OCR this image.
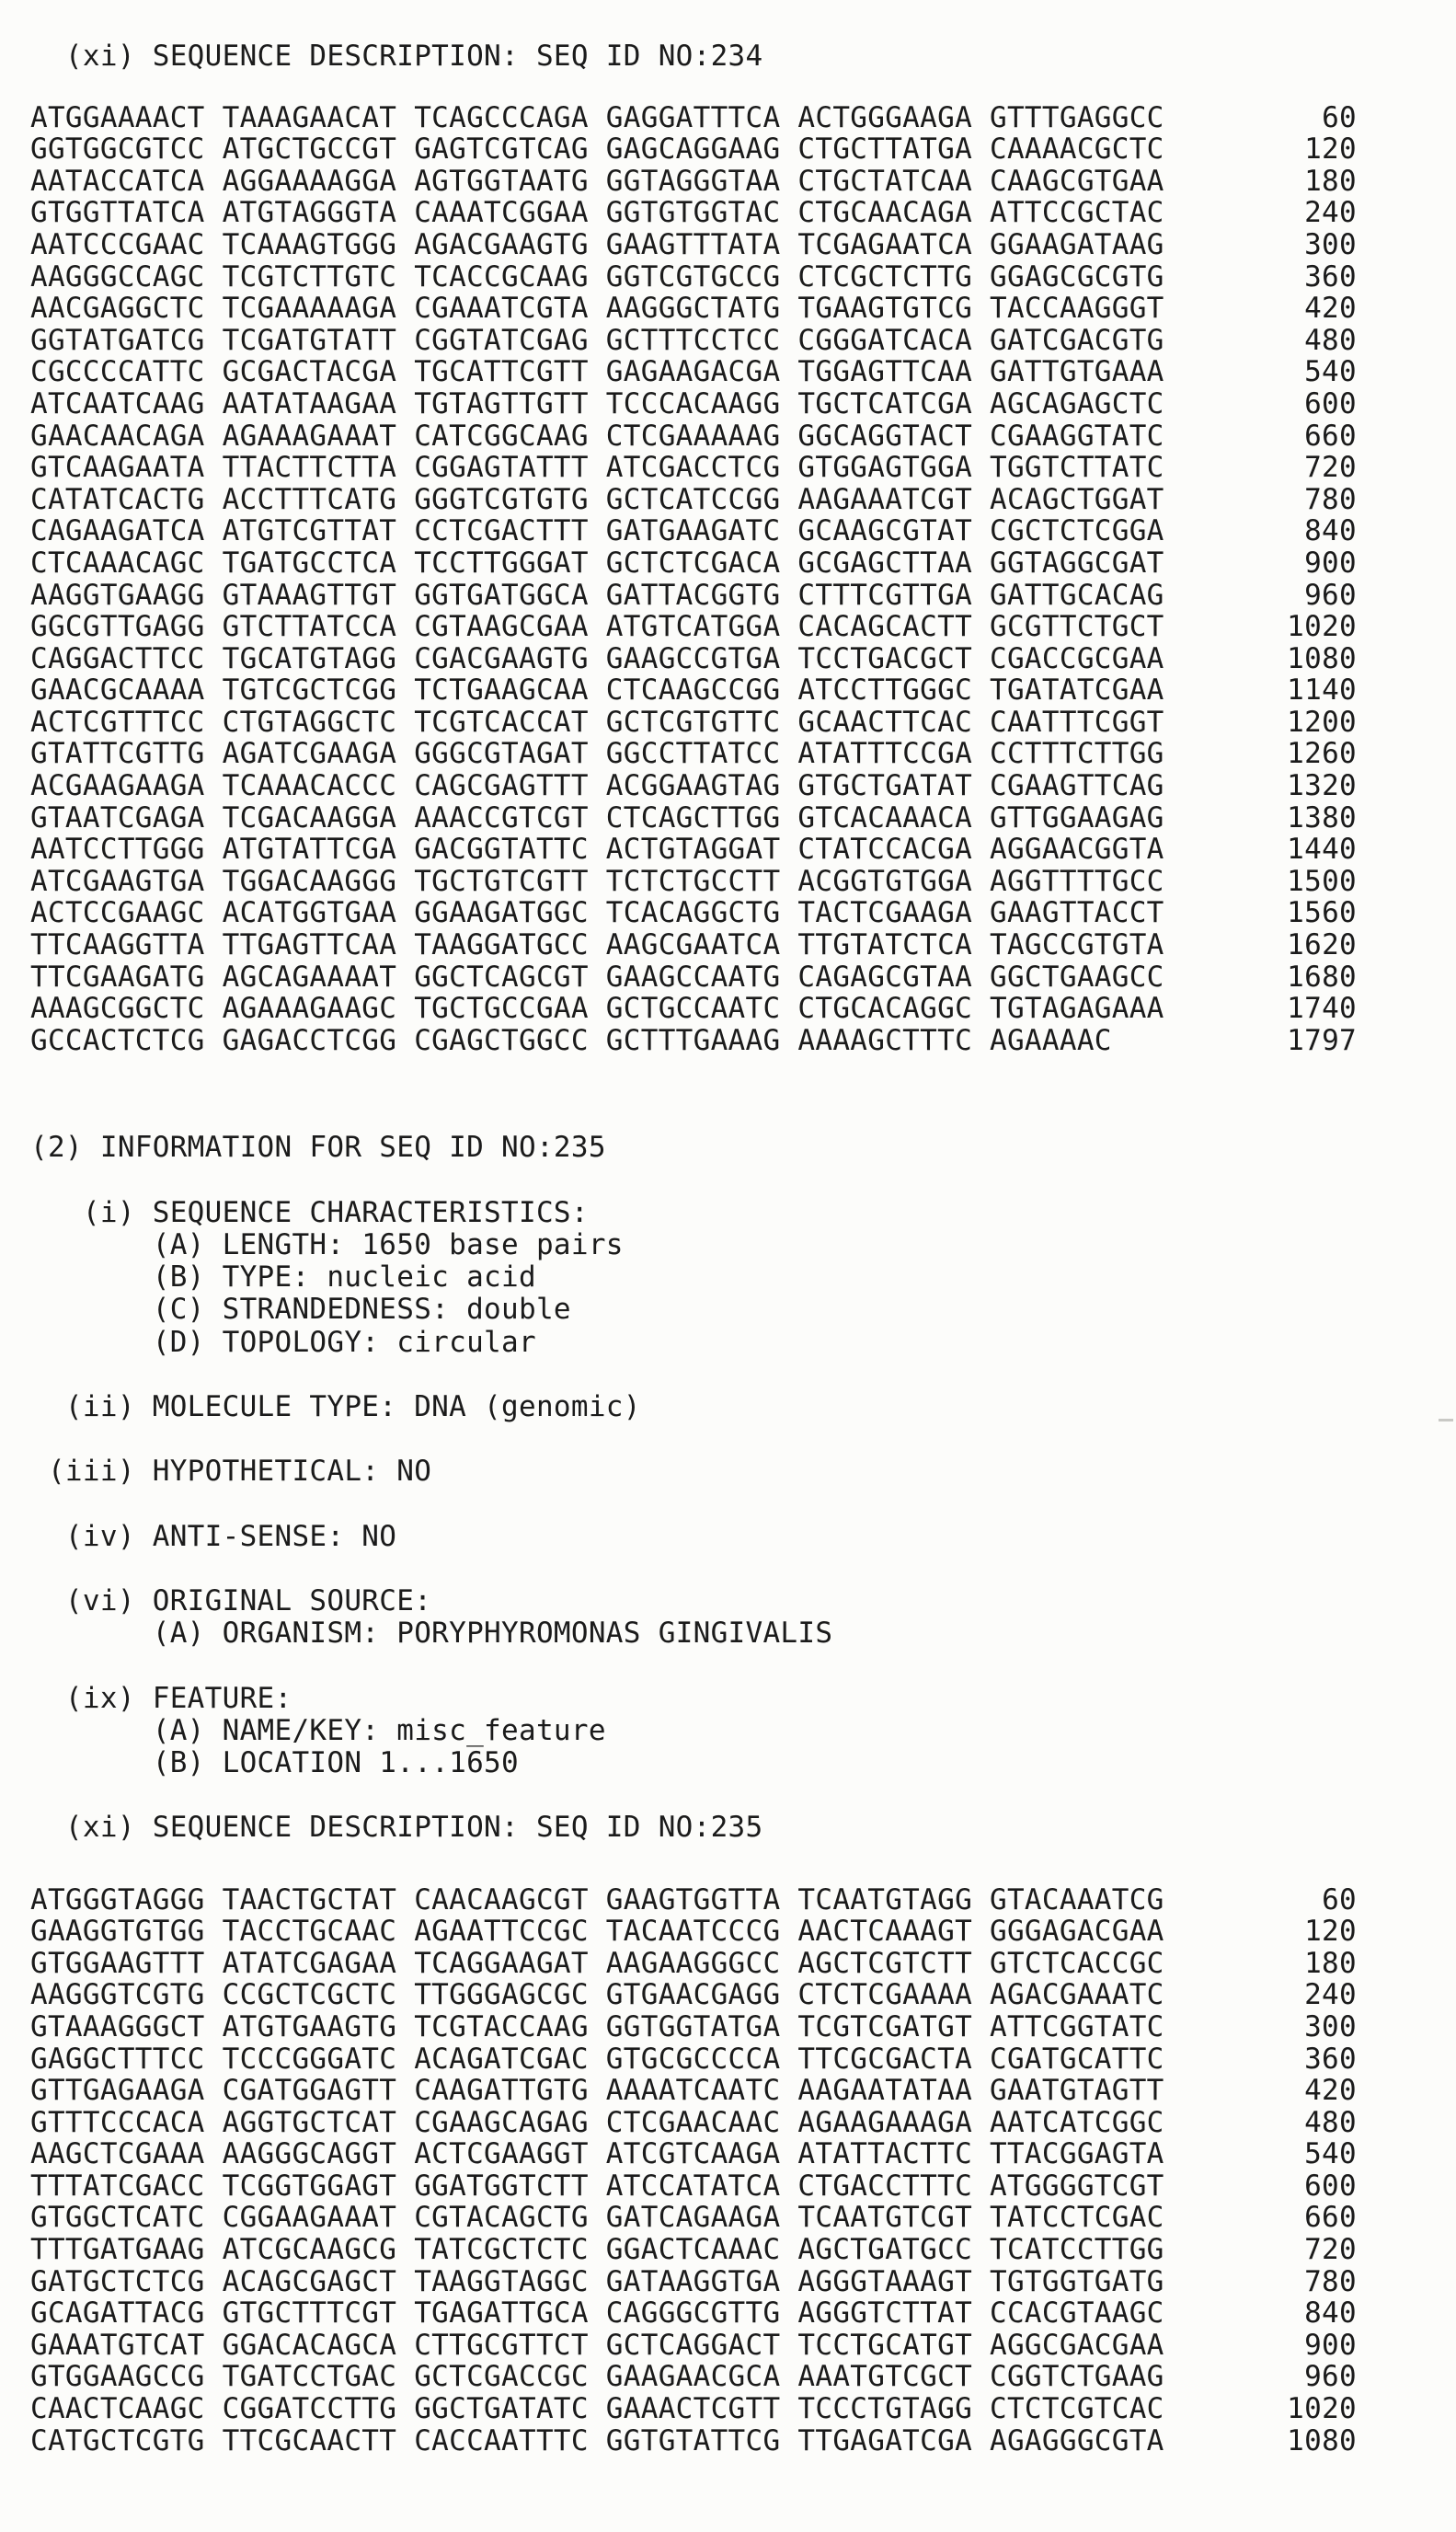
(xi) SEQUENCE DESCRIPTION: SEQ ID NO:234
ATGGAAAACT TAAAGAACAT TCAGCCCAGA GAGGATTTCA ACTGGGAAGA GTTTGAGGCC	60
GGTGGCGTCC ATGCTGCCGT GAGTCGTCAG GAGCAGGAAG CTGCTTATGA CAAAACGCTC	120
AATACCATCA AGGAAAAGGA AGTGGTAATG GGTAGGGTAA CTGCTATCAA CAAGCGTGAA	180
GTGGTTATCA ATGTAGGGTA CAAATCGGAA GGTGTGGTAC CTGCAACAGA ATTCCGCTAC	240
AATCCCGAAC TCAAAGTGGG AGACGAAGTG GAAGTTTATA TCGAGAATCA GGAAGATAAG	300
AAGGGCCAGC TCGTCTTGTC TCACCGCAAG GGTCGTGCCG CTCGCTCTTG GGAGCGCGTG	360
AACGAGGCTC TCGAAAAAGA CGAAATCGTA AAGGGCTATG TGAAGTGTCG TACCAAGGGT	420
GGTATGATCG TCGATGTATT CGGTATCGAG GCTTTCCTCC CGGGATCACA GATCGACGTG	480
CGCCCCATTC GCGACTACGA TGCATTCGTT GAGAAGACGA TGGAGTTCAA GATTGTGAAA	540
ATCAATCAAG AATATAAGAA TGTAGTTGTT TCCCACAAGG TGCTCATCGA AGCAGAGCTC	600
GAACAACAGA AGAAAGAAAT CATCGGCAAG CTCGAAAAAG GGCAGGTACT CGAAGGTATC	660
GTCAAGAATA TTACTTCTTA CGGAGTATTT ATCGACCTCG GTGGAGTGGA TGGTCTTATC	720
CATATCACTG ACCTTTCATG GGGTCGTGTG GCTCATCCGG AAGAAATCGT ACAGCTGGAT	780
CAGAAGATCA ATGTCGTTAT CCTCGACTTT GATGAAGATC GCAAGCGTAT CGCTCTCGGA	840
CTCAAACAGC TGATGCCTCA TCCTTGGGAT GCTCTCGACA GCGAGCTTAA GGTAGGCGAT	900
AAGGTGAAGG GTAAAGTTGT GGTGATGGCA GATTACGGTG CTTTCGTTGA GATTGCACAG	960
GGCGTTGAGG GTCTTATCCA CGTAAGCGAA ATGTCATGGA CACAGCACTT GCGTTCTGCT	1020
CAGGACTTCC TGCATGTAGG CGACGAAGTG GAAGCCGTGA TCCTGACGCT CGACCGCGAA	1080
GAACGCAAAA TGTCGCTCGG TCTGAAGCAA CTCAAGCCGG ATCCTTGGGC TGATATCGAA	1140
ACTCGTTTCC CTGTAGGCTC TCGTCACCAT GCTCGTGTTC GCAACTTCAC CAATTTCGGT	1200
GTATTCGTTG AGATCGAAGA GGGCGTAGAT GGCCTTATCC ATATTTCCGA CCTTTCTTGG	1260
ACGAAGAAGA TCAAACACCC CAGCGAGTTT ACGGAAGTAG GTGCTGATAT CGAAGTTCAG	1320
GTAATCGAGA TCGACAAGGA AAACCGTCGT CTCAGCTTGG GTCACAAACA GTTGGAAGAG	1380
AATCCTTGGG ATGTATTCGA GACGGTATTC ACTGTAGGAT CTATCCACGA AGGAACGGTA	1440
ATCGAAGTGA TGGACAAGGG TGCTGTCGTT TCTCTGCCTT ACGGTGTGGA AGGTTTTGCC	1500
ACTCCGAAGC ACATGGTGAA GGAAGATGGC TCACAGGCTG TACTCGAAGA GAAGTTACCT	1560
TTCAAGGTTA TTGAGTTCAA TAAGGATGCC AAGCGAATCA TTGTATCTCA TAGCCGTGTA	1620
TTCGAAGATG AGCAGAAAAT GGCTCAGCGT GAAGCCAATG CAGAGCGTAA GGCTGAAGCC	1680
AAAGCGGCTC AGAAAGAAGC TGCTGCCGAA GCTGCCAATC CTGCACAGGC TGTAGAGAAA	1740
GCCACTCTCG GAGACCTCGG CGAGCTGGCC GCTTTGAAAG AAAAGCTTTC AGAAAAC	1797
(2) INFORMATION FOR SEQ ID NO:235
(i) SEQUENCE CHARACTERISTICS:
(A) LENGTH: 1650 base pairs
(B) TYPE: nucleic acid
(C) STRANDEDNESS: double
(D) TOPOLOGY: circular
(ii) MOLECULE TYPE: DNA (genomic)
(iii) HYPOTHETICAL: NO
(iv) ANTI-SENSE: NO
(vi) ORIGINAL SOURCE:
(A) ORGANISM: PORYPHYROMONAS GINGIVALIS
(ix) FEATURE:
(A) NAME/KEY: misc_feature
(B) LOCATION 1...1650
(xi) SEQUENCE DESCRIPTION: SEQ ID NO:235
ATGGGTAGGG TAACTGCTAT CAACAAGCGT GAAGTGGTTA TCAATGTAGG GTACAAATCG	60
GAAGGTGTGG TACCTGCAAC AGAATTCCGC TACAATCCCG AACTCAAAGT GGGAGACGAA	120
GTGGAAGTTT ATATCGAGAA TCAGGAAGAT AAGAAGGGCC AGCTCGTCTT GTCTCACCGC	180
AAGGGTCGTG CCGCTCGCTC TTGGGAGCGC GTGAACGAGG CTCTCGAAAA AGACGAAATC	240
GTAAAGGGCT ATGTGAAGTG TCGTACCAAG GGTGGTATGA TCGTCGATGT ATTCGGTATC	300
GAGGCTTTCC TCCCGGGATC ACAGATCGAC GTGCGCCCCA TTCGCGACTA CGATGCATTC	360
GTTGAGAAGA CGATGGAGTT CAAGATTGTG AAAATCAATC AAGAATATAA GAATGTAGTT	420
GTTTCCCACA AGGTGCTCAT CGAAGCAGAG CTCGAACAAC AGAAGAAAGA AATCATCGGC	480
AAGCTCGAAA AAGGGCAGGT ACTCGAAGGT ATCGTCAAGA ATATTACTTC TTACGGAGTA	540
TTTATCGACC TCGGTGGAGT GGATGGTCTT ATCCATATCA CTGACCTTTC ATGGGGTCGT	600
GTGGCTCATC CGGAAGAAAT CGTACAGCTG GATCAGAAGA TCAATGTCGT TATCCTCGAC	660
TTTGATGAAG ATCGCAAGCG TATCGCTCTC GGACTCAAAC AGCTGATGCC TCATCCTTGG	720
GATGCTCTCG ACAGCGAGCT TAAGGTAGGC GATAAGGTGA AGGGTAAAGT TGTGGTGATG	780
GCAGATTACG GTGCTTTCGT TGAGATTGCA CAGGGCGTTG AGGGTCTTAT CCACGTAAGC	840
GAAATGTCAT GGACACAGCA CTTGCGTTCT GCTCAGGACT TCCTGCATGT AGGCGACGAA	900
GTGGAAGCCG TGATCCTGAC GCTCGACCGC GAAGAACGCA AAATGTCGCT CGGTCTGAAG	960
CAACTCAAGC CGGATCCTTG GGCTGATATC GAAACTCGTT TCCCTGTAGG CTCTCGTCAC	1020
CATGCTCGTG TTCGCAACTT CACCAATTTC GGTGTATTCG TTGAGATCGA AGAGGGCGTA	1080
